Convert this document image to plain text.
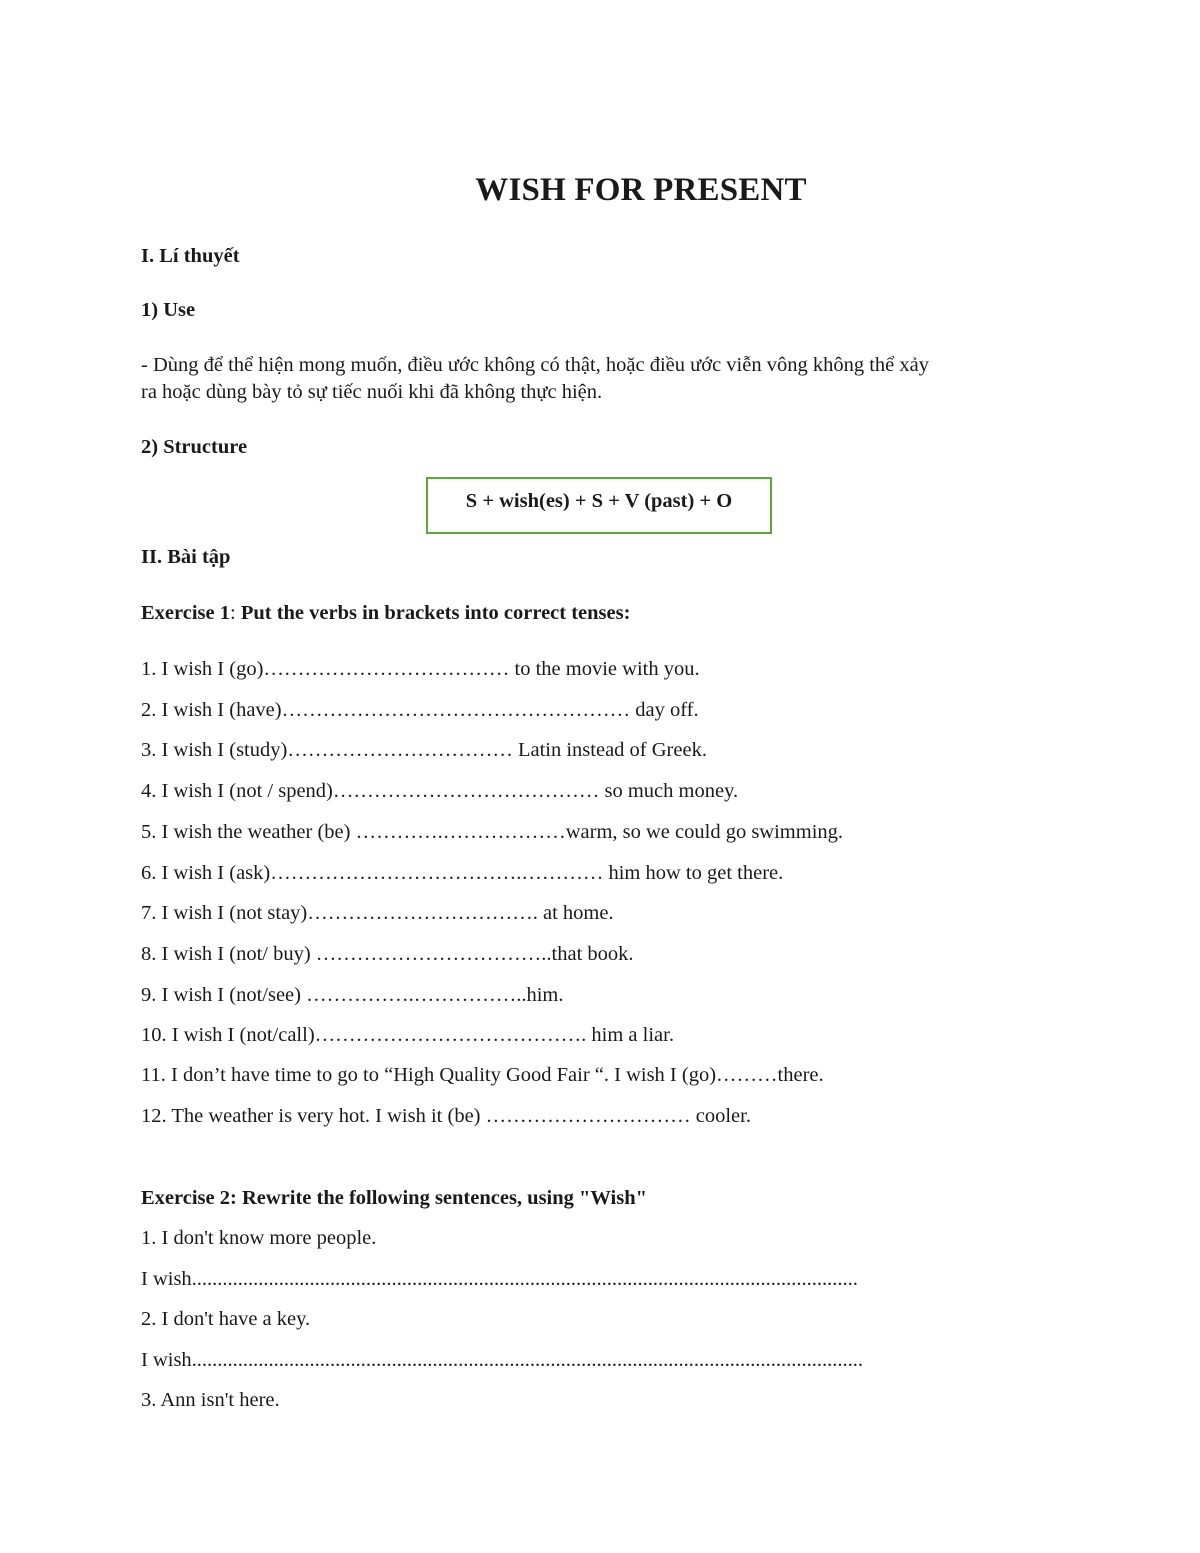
WISH FOR PRESENT
I. Lí thuyết
1) Use
- Dùng để thể hiện mong muốn, điều ước không có thật, hoặc điều ước viễn vông không thể xảy
ra hoặc dùng bày tỏ sự tiếc nuối khi đã không thực hiện.
2) Structure
S + wish(es) + S + V (past) + O
II. Bài tập
Exercise 1: Put the verbs in brackets into correct tenses:
1. I wish I (go)……………………………… to the movie with you.
2. I wish I (have)…………………………………………… day off.
3. I wish I (study)…………………………… Latin instead of Greek.
4. I wish I (not / spend)………………………………… so much money.
5. I wish the weather (be) ………….………………warm, so we could go swimming.
6. I wish I (ask)……………………………….………… him how to get there.
7. I wish I (not stay)……………………………. at home.
8. I wish I (not/ buy) ……………………………..that book.
9. I wish I (not/see) …………….……………..him.
10. I wish I (not/call)…………………………………. him a liar.
11. I don’t have time to go to “High Quality Good Fair “. I wish I (go)………there.
12. The weather is very hot. I wish it (be) ………………………… cooler.
Exercise 2: Rewrite the following sentences, using "Wish"
1. I don't know more people.
I wish..................................................................................................................................
2. I don't have a key.
I wish...................................................................................................................................
3. Ann isn't here.
